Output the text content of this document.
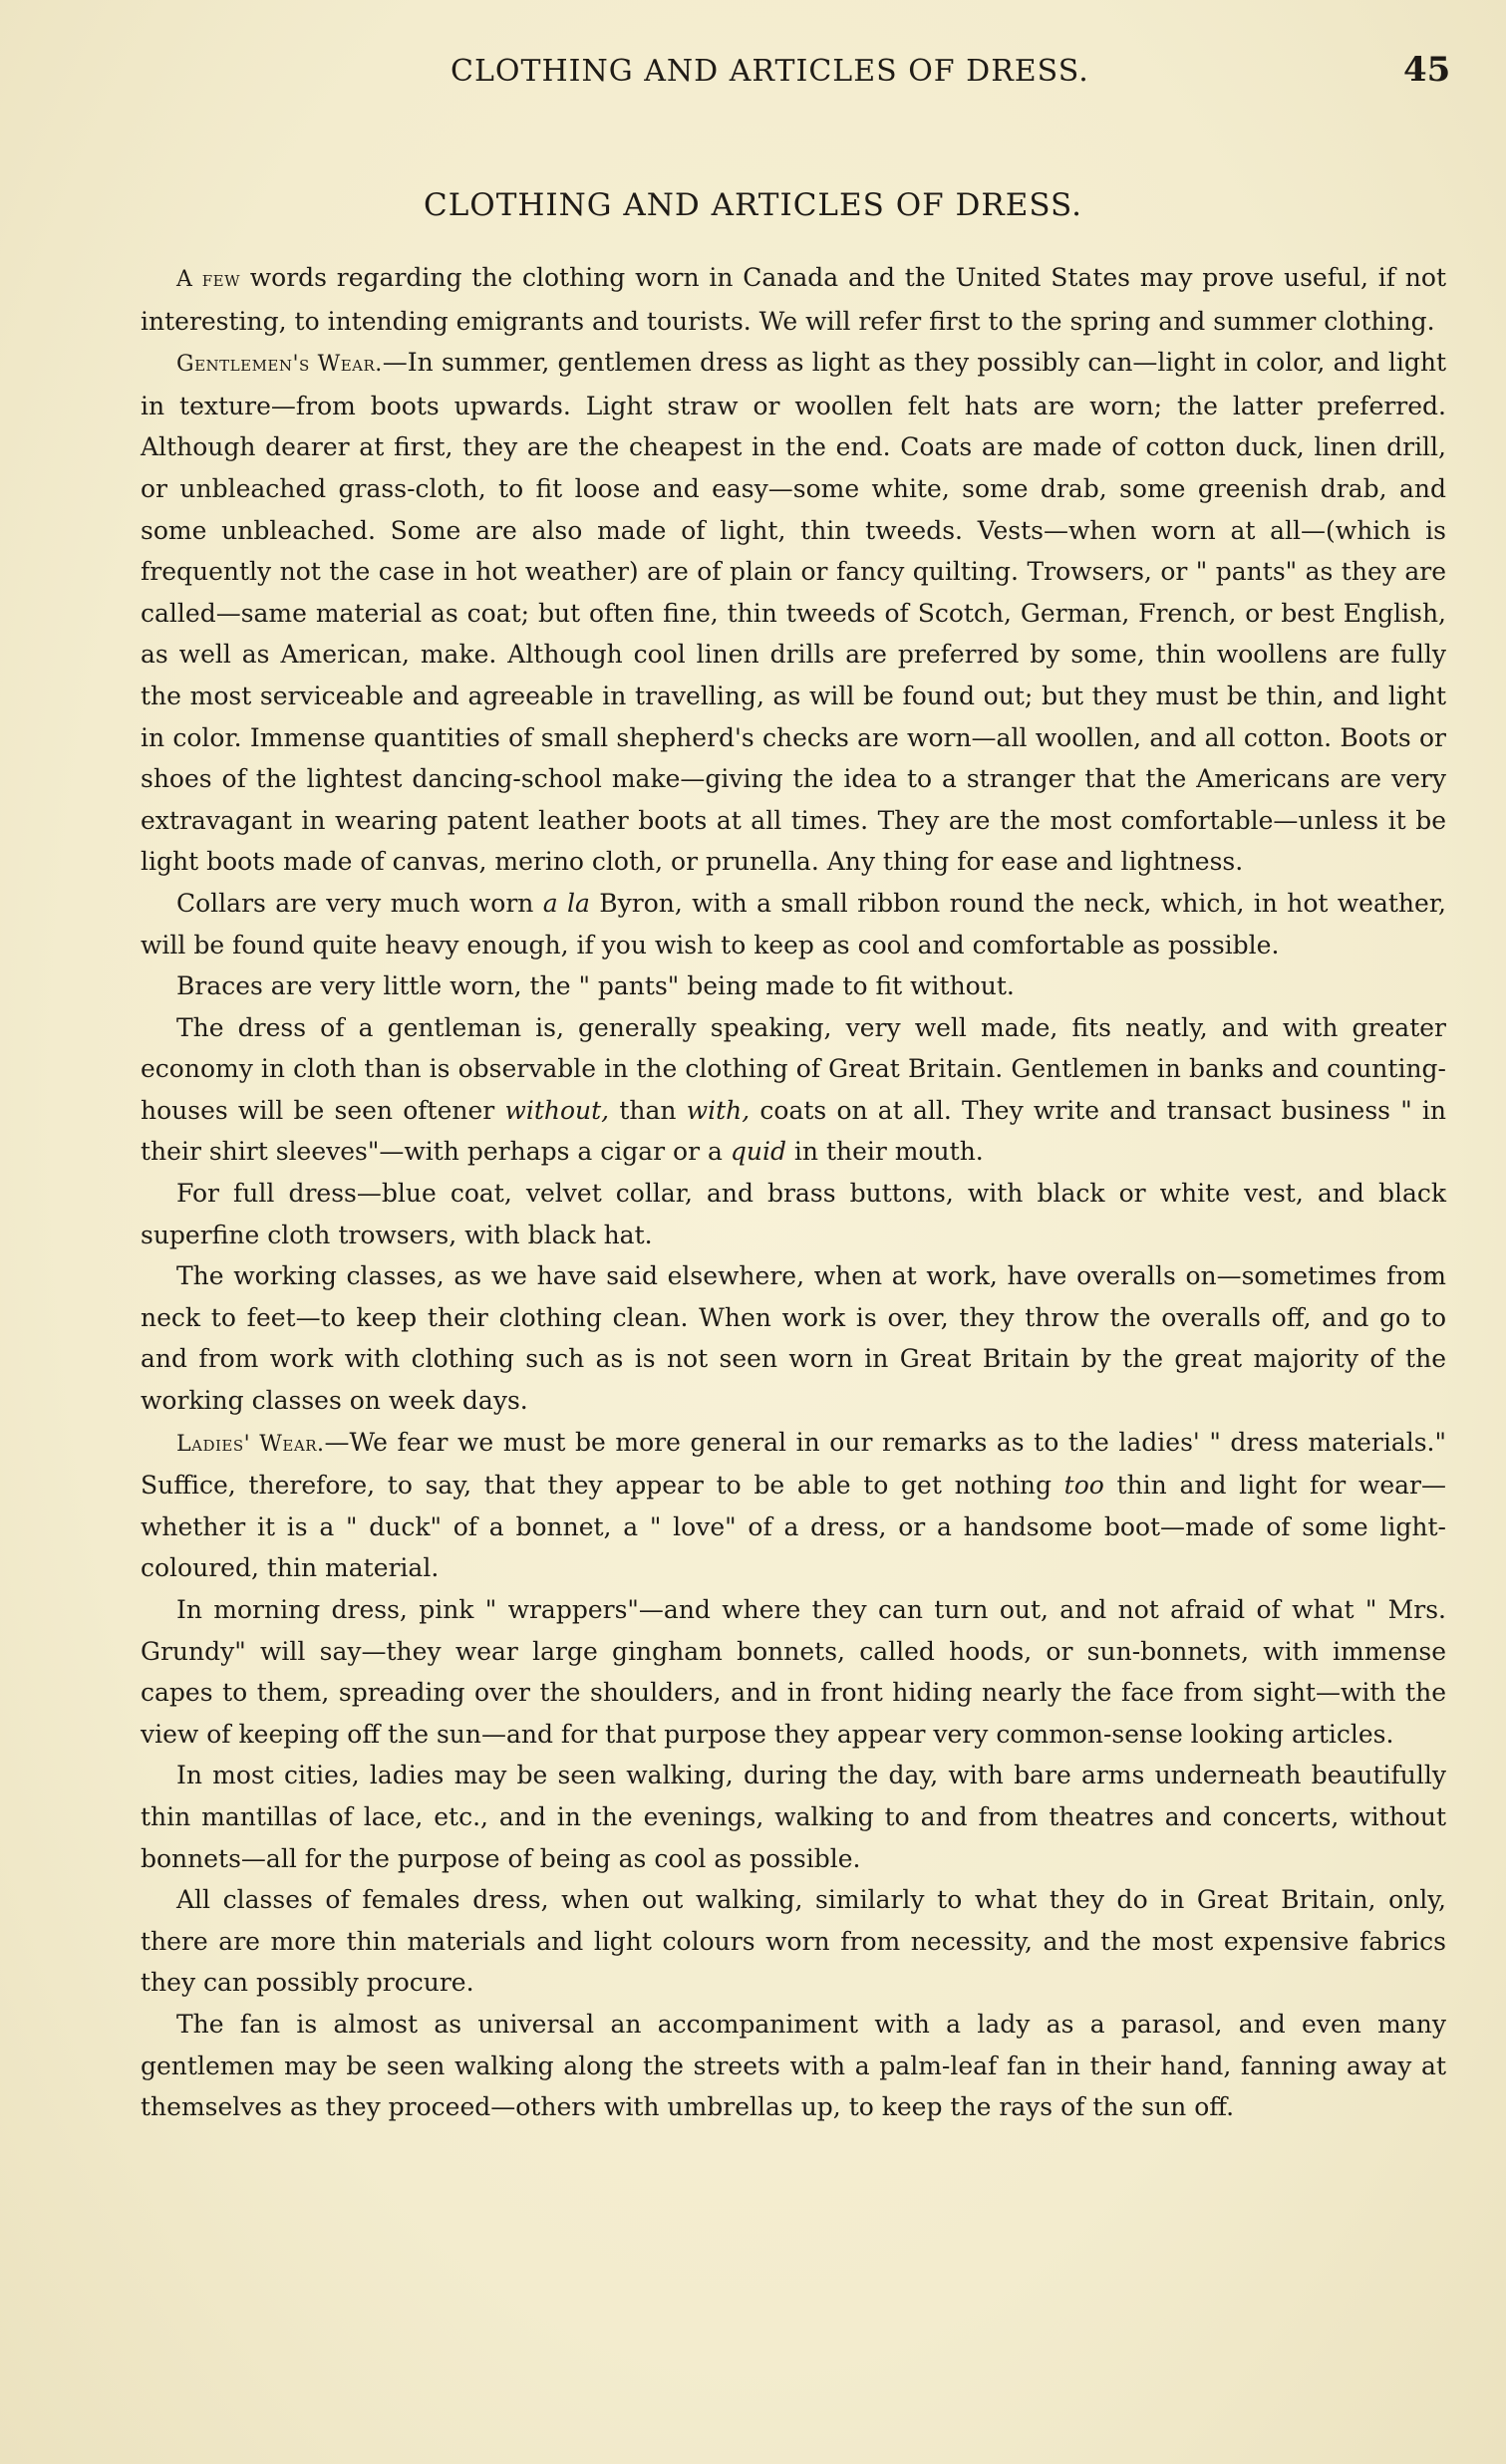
CLOTHING AND ARTICLES OF DRESS.	45
CLOTHING AND ARTICLES OF DRESS.

A few words regarding the clothing worn in Canada and the United States may prove useful, if not interesting, to intending emigrants and tourists. We will refer first to the spring and summer clothing.

Gentlemen's Wear.—In summer, gentlemen dress as light as they possibly can—light in color, and light in texture—from boots upwards. Light straw or woollen felt hats are worn; the latter preferred. Although dearer at first, they are the cheapest in the end. Coats are made of cotton duck, linen drill, or unbleached grass-cloth, to fit loose and easy—some white, some drab, some greenish drab, and some unbleached. Some are also made of light, thin tweeds. Vests—when worn at all—(which is frequently not the case in hot weather) are of plain or fancy quilting. Trowsers, or " pants" as they are called—same material as coat; but often fine, thin tweeds of Scotch, German, French, or best English, as well as American, make. Although cool linen drills are preferred by some, thin woollens are fully the most serviceable and agreeable in travelling, as will be found out; but they must be thin, and light in color. Immense quantities of small shepherd's checks are worn—all woollen, and all cotton. Boots or shoes of the lightest dancing-school make—giving the idea to a stranger that the Americans are very extravagant in wearing patent leather boots at all times. They are the most comfortable—unless it be light boots made of canvas, merino cloth, or prunella. Any thing for ease and lightness.

Collars are very much worn a la Byron, with a small ribbon round the neck, which, in hot weather, will be found quite heavy enough, if you wish to keep as cool and comfortable as possible.

Braces are very little worn, the " pants" being made to fit without.

The dress of a gentleman is, generally speaking, very well made, fits neatly, and with greater economy in cloth than is observable in the clothing of Great Britain. Gentlemen in banks and counting-houses will be seen oftener without, than with, coats on at all. They write and transact business " in their shirt sleeves"—with perhaps a cigar or a quid in their mouth.

For full dress—blue coat, velvet collar, and brass buttons, with black or white vest, and black superfine cloth trowsers, with black hat.

The working classes, as we have said elsewhere, when at work, have overalls on—sometimes from neck to feet—to keep their clothing clean. When work is over, they throw the overalls off, and go to and from work with clothing such as is not seen worn in Great Britain by the great majority of the working classes on week days.

Ladies' Wear.—We fear we must be more general in our remarks as to the ladies' " dress materials." Suffice, therefore, to say, that they appear to be able to get nothing too thin and light for wear—whether it is a " duck" of a bonnet, a " love" of a dress, or a handsome boot—made of some light-coloured, thin material.

In morning dress, pink " wrappers"—and where they can turn out, and not afraid of what " Mrs. Grundy" will say—they wear large gingham bonnets, called hoods, or sun-bonnets, with immense capes to them, spreading over the shoulders, and in front hiding nearly the face from sight—with the view of keeping off the sun—and for that purpose they appear very common-sense looking articles.

In most cities, ladies may be seen walking, during the day, with bare arms underneath beautifully thin mantillas of lace, etc., and in the evenings, walking to and from theatres and concerts, without bonnets—all for the purpose of being as cool as possible.

All classes of females dress, when out walking, similarly to what they do in Great Britain, only, there are more thin materials and light colours worn from necessity, and the most expensive fabrics they can possibly procure.

The fan is almost as universal an accompaniment with a lady as a parasol, and even many gentlemen may be seen walking along the streets with a palm-leaf fan in their hand, fanning away at themselves as they proceed—others with umbrellas up, to keep the rays of the sun off.
